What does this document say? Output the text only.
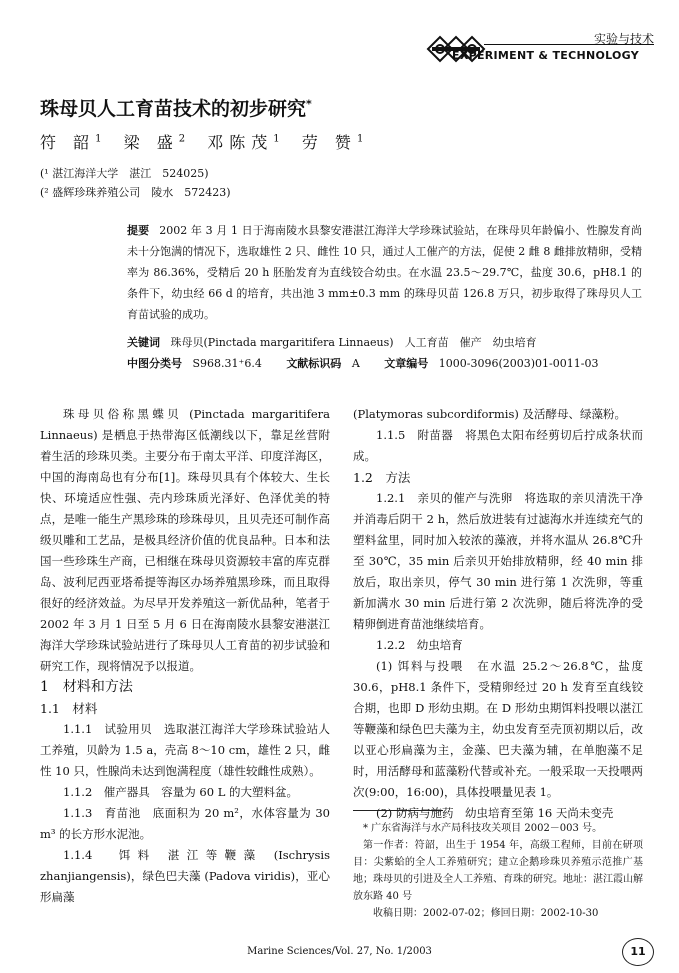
实验与技术
EXPERIMENT & TECHNOLOGY
珠母贝人工育苗技术的初步研究*
符 韶$^1$ 梁 盛$^2$ 邓陈茂$^1$ 劳 赞$^1$
(¹ 湛江海洋大学　湛江　524025)
(² 盛辉珍珠养殖公司　陵水　572423)
提要 2002 年 3 月 1 日于海南陵水县黎安港湛江海洋大学珍珠试验站，在珠母贝年龄偏小、性腺发育尚未十分饱满的情况下，选取雄性 2 只、雌性 10 只，通过人工催产的方法，促使 2 雌 8 雌排放精卵，受精率为 86.36%，受精后 20 h 胚胎发育为直线铰合幼虫。在水温 23.5～29.7℃，盐度 30.6，pH8.1 的条件下，幼虫经 66 d 的培育，共出池 3 mm±0.3 mm 的珠母贝苗 126.8 万只，初步取得了珠母贝人工育苗试验的成功。
关键词 珠母贝(Pinctada margaritifera Linnaeus)　人工育苗　催产　幼虫培育
中图分类号 S968.31⁺6.4 文献标识码 A 文章编号 1000-3096(2003)01-0011-03

珠母贝俗称黑蝶贝 (Pinctada margaritifera Linnaeus) 是栖息于热带海区低潮线以下，靠足丝营附着生活的珍珠贝类。主要分布于南太平洋、印度洋海区，中国的海南岛也有分布[1]。珠母贝具有个体较大、生长快、环境适应性强、壳内珍珠质光泽好、色泽优美的特点，是唯一能生产黑珍珠的珍珠母贝，且贝壳还可制作高级贝雕和工艺品，是极具经济价值的优良品种。日本和法国一些珍珠生产商，已相继在珠母贝资源较丰富的库克群岛、波利尼西亚塔希提等海区办场养殖黑珍珠，而且取得很好的经济效益。为尽早开发养殖这一新优品种，笔者于 2002 年 3 月 1 日至 5 月 6 日在海南陵水县黎安港湛江海洋大学珍珠试验站进行了珠母贝人工育苗的初步试验和研究工作，现将情况予以报道。

1　材料和方法

1.1　材料

1.1.1　试验用贝　选取湛江海洋大学珍珠试验站人工养殖，贝龄为 1.5 a，壳高 8～10 cm，雄性 2 只，雌性 10 只，性腺尚未达到饱满程度（雄性较雌性成熟）。

1.1.2　催产器具　容量为 60 L 的大塑料盆。

1.1.3　育苗池　底面积为 20 m²，水体容量为 30 m³ 的长方形水泥池。

1.1.4　饵料 湛江等鞭藻 (Ischrysis zhanjiangensis)，绿色巴夫藻 (Padova viridis)，亚心形扁藻

(Platymoras subcordiformis) 及活酵母、绿藻粉。

1.1.5　附苗器　将黑色太阳布经剪切后拧成条状而成。

1.2　方法

1.2.1　亲贝的催产与洗卵　将选取的亲贝清洗干净并消毒后阴干 2 h，然后放进装有过滤海水并连续充气的塑料盆里，同时加入较浓的藻液，并将水温从 26.8℃升至 30℃，35 min 后亲贝开始排放精卵，经 40 min 排放后，取出亲贝，停气 30 min 进行第 1 次洗卵，等重新加满水 30 min 后进行第 2 次洗卵，随后将洗净的受精卵倒进育苗池继续培育。

1.2.2　幼虫培育

(1) 饵料与投喂　在水温 25.2～26.8℃，盐度 30.6，pH8.1 条件下，受精卵经过 20 h 发育至直线铰合期，也即 D 形幼虫期。在 D 形幼虫期饵料投喂以湛江等鞭藻和绿色巴夫藻为主，幼虫发育至壳顶初期以后，改以亚心形扁藻为主，金藻、巴夫藻为辅，在单胞藻不足时，用活酵母和蓝藻粉代替或补充。一般采取一天投喂两次(9:00，16:00)，具体投喂量见表 1。

(2) 防病与施药　幼虫培育至第 16 天尚未变壳

* 广东省海洋与水产局科技攻关项目 2002－003 号。

第一作者：符韶，出生于 1954 年，高级工程师，目前在研项目：尖紫蛤的全人工养殖研究；建立企鹅珍珠贝养殖示范推广基地；珠母贝的引进及全人工养殖、育珠的研究。地址：湛江霞山解放东路 40 号

收稿日期：2002-07-02；修回日期：2002-10-30

Marine Sciences/Vol. 27, No. 1/2003	11
